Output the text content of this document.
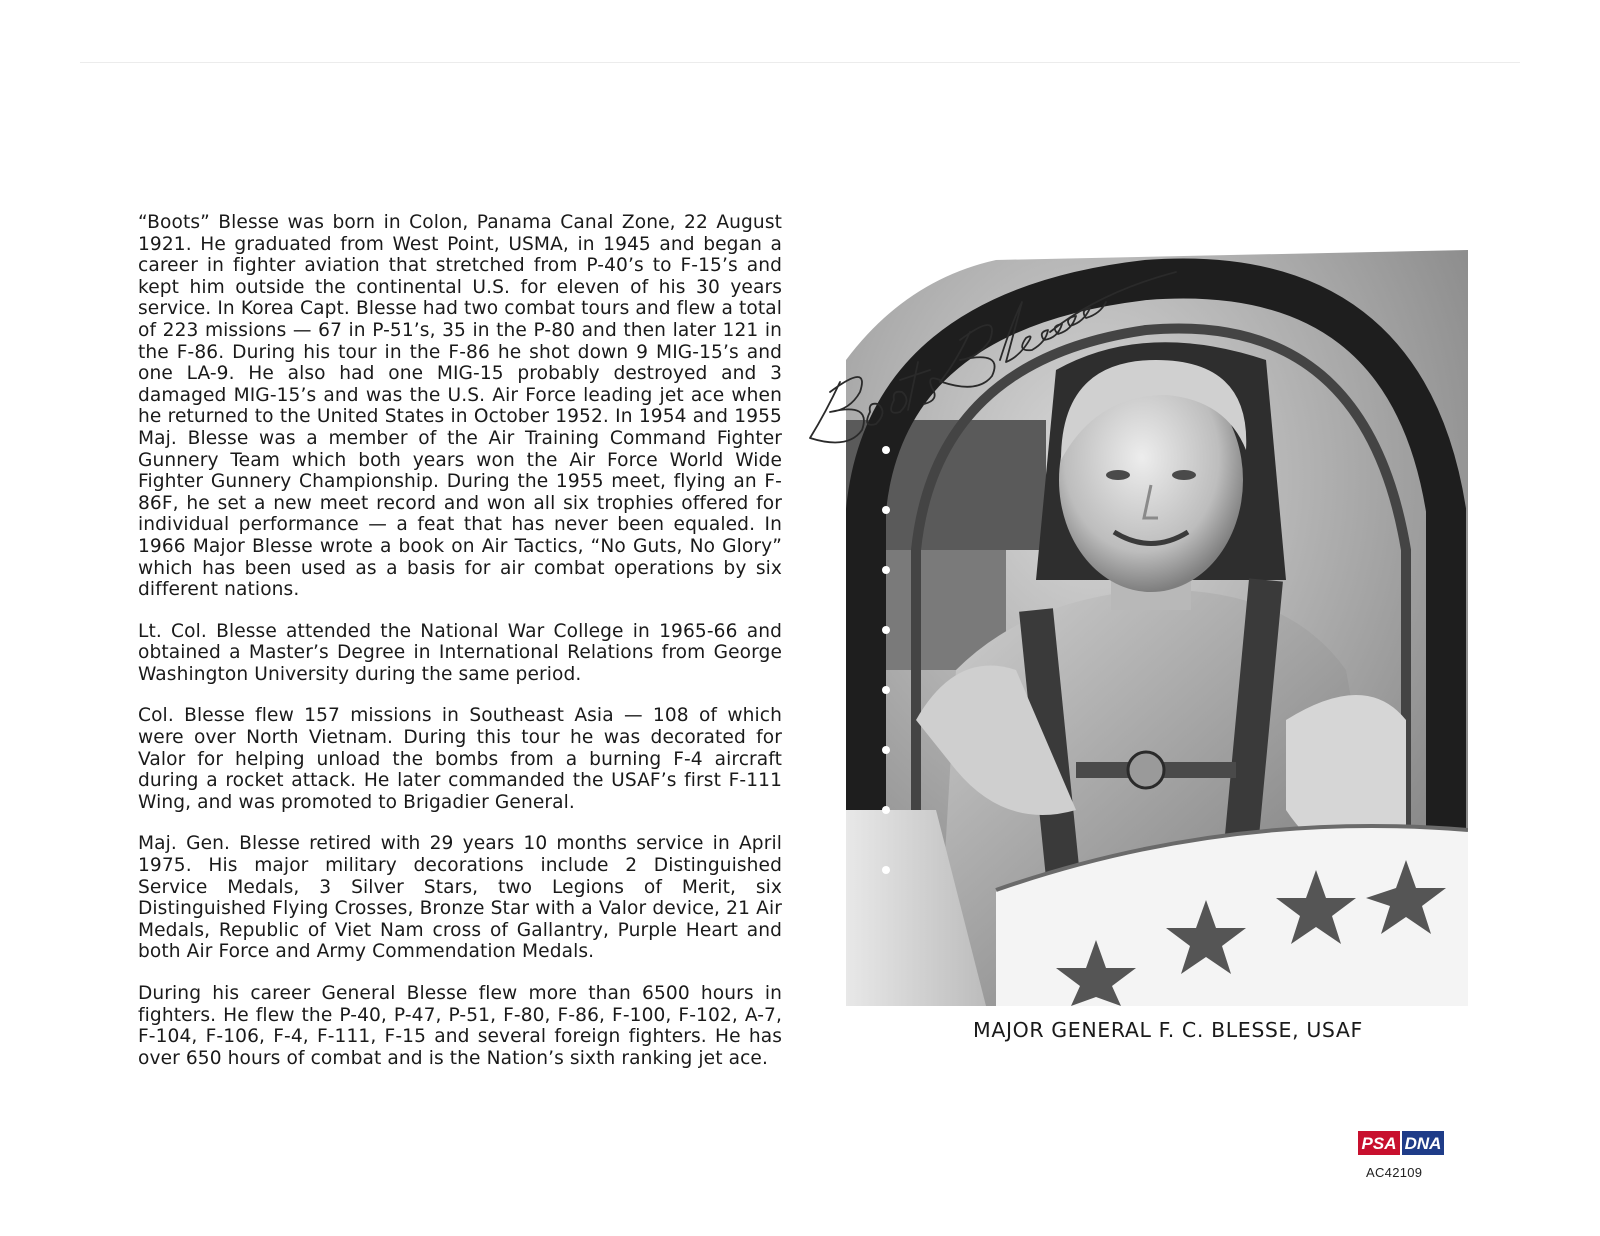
“Boots” Blesse was born in Colon, Panama Canal Zone, 22 August 1921. He graduated from West Point, USMA, in 1945 and began a career in fighter aviation that stretched from P-40’s to F-15’s and kept him outside the continental U.S. for eleven of his 30 years service. In Korea Capt. Blesse had two combat tours and flew a total of 223 missions — 67 in P-51’s, 35 in the P-80 and then later 121 in the F-86. During his tour in the F-86 he shot down 9 MIG-15’s and one LA-9. He also had one MIG-15 probably destroyed and 3 damaged MIG-15’s and was the U.S. Air Force leading jet ace when he returned to the United States in October 1952. In 1954 and 1955 Maj. Blesse was a member of the Air Training Command Fighter Gunnery Team which both years won the Air Force World Wide Fighter Gunnery Championship. During the 1955 meet, flying an F-86F, he set a new meet record and won all six trophies offered for individual performance — a feat that has never been equaled. In 1966 Major Blesse wrote a book on Air Tactics, “No Guts, No Glory” which has been used as a basis for air combat operations by six different nations.

Lt. Col. Blesse attended the National War College in 1965-66 and obtained a Master’s Degree in International Relations from George Washington University during the same period.

Col. Blesse flew 157 missions in Southeast Asia — 108 of which were over North Vietnam. During this tour he was decorated for Valor for helping unload the bombs from a burning F-4 aircraft during a rocket attack. He later commanded the USAF’s first F-111 Wing, and was promoted to Brigadier General.

Maj. Gen. Blesse retired with 29 years 10 months service in April 1975. His major military decorations include 2 Distinguished Service Medals, 3 Silver Stars, two Legions of Merit, six Distinguished Flying Crosses, Bronze Star with a Valor device, 21 Air Medals, Republic of Viet Nam cross of Gallantry, Purple Heart and both Air Force and Army Commendation Medals.

During his career General Blesse flew more than 6500 hours in fighters. He flew the P-40, P-47, P-51, F-80, F-86, F-100, F-102, A-7, F-104, F-106, F-4, F-111, F-15 and several foreign fighters. He has over 650 hours of combat and is the Nation’s sixth ranking jet ace.

MAJOR GENERAL F. C. BLESSE, USAF
PSA DNA
AC42109
